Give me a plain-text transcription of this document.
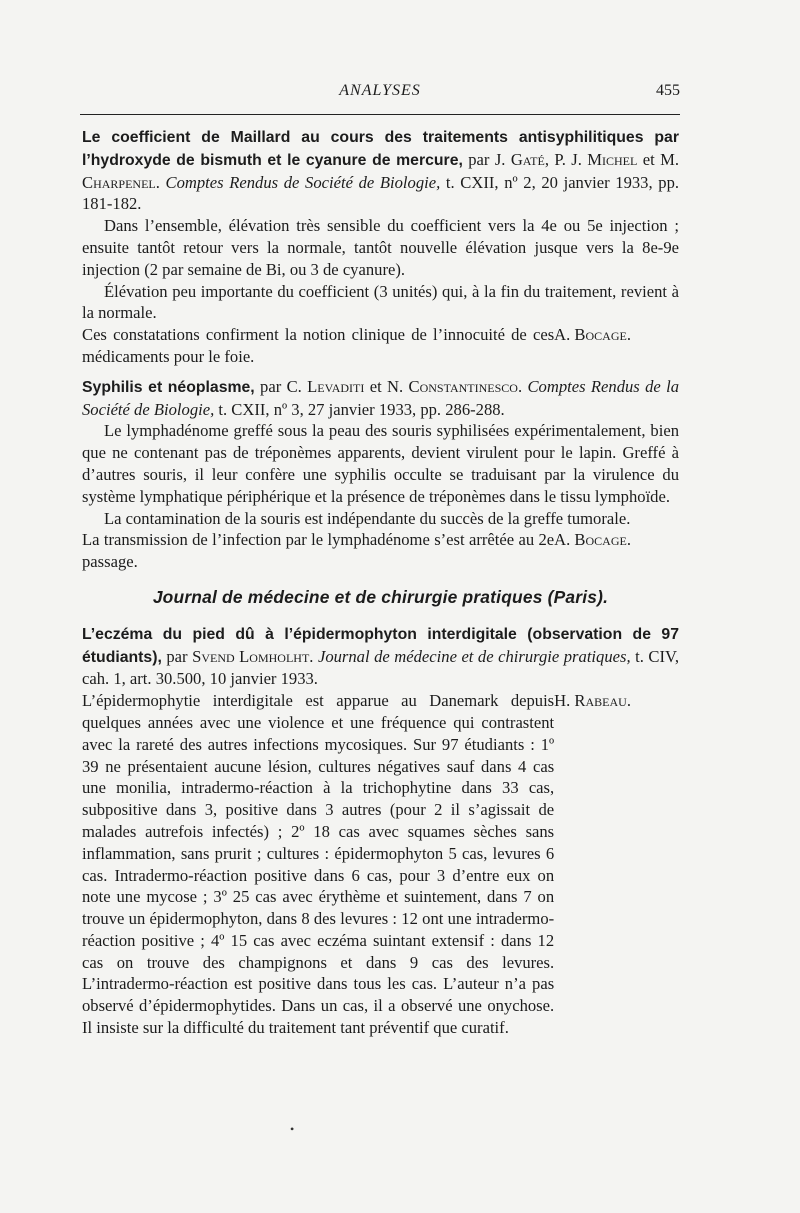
ANALYSES	455

Le coefficient de Maillard au cours des traitements antisyphilitiques par l’hydroxyde de bismuth et le cyanure de mercure, par J. Gaté, P. J. Michel et M. Charpenel. Comptes Rendus de Société de Biologie, t. CXII, nº 2, 20 janvier 1933, pp. 181-182.

Dans l’ensemble, élévation très sensible du coefficient vers la 4e ou 5e injection ; ensuite tantôt retour vers la normale, tantôt nouvelle élévation jusque vers la 8e-9e injection (2 par semaine de Bi, ou 3 de cyanure).

Élévation peu importante du coefficient (3 unités) qui, à la fin du traitement, revient à la normale.

Ces constatations confirment la notion clinique de l’innocuité de ces médicaments pour le foie.
A. Bocage.

Syphilis et néoplasme, par C. Levaditi et N. Constantinesco. Comptes Rendus de la Société de Biologie, t. CXII, nº 3, 27 janvier 1933, pp. 286-288.

Le lymphadénome greffé sous la peau des souris syphilisées expérimentalement, bien que ne contenant pas de tréponèmes apparents, devient virulent pour le lapin. Greffé à d’autres souris, il leur confère une syphilis occulte se traduisant par la virulence du système lymphatique périphérique et la présence de tréponèmes dans le tissu lymphoïde.

La contamination de la souris est indépendante du succès de la greffe tumorale.

La transmission de l’infection par le lymphadénome s’est arrêtée au 2e passage.
A. Bocage.

Journal de médecine et de chirurgie pratiques (Paris).

L’eczéma du pied dû à l’épidermophyton interdigitale (observation de 97 étudiants), par Svend Lomholht. Journal de médecine et de chirurgie pratiques, t. CIV, cah. 1, art. 30.500, 10 janvier 1933.

L’épidermophytie interdigitale est apparue au Danemark depuis quelques années avec une violence et une fréquence qui contrastent avec la rareté des autres infections mycosiques. Sur 97 étudiants : 1º 39 ne présentaient aucune lésion, cultures négatives sauf dans 4 cas une monilia, intradermo-réaction à la trichophytine dans 33 cas, subpositive dans 3, positive dans 3 autres (pour 2 il s’agissait de malades autrefois infectés) ; 2º 18 cas avec squames sèches sans inflammation, sans prurit ; cultures : épidermophyton 5 cas, levures 6 cas. Intradermo-réaction positive dans 6 cas, pour 3 d’entre eux on note une mycose ; 3º 25 cas avec érythème et suintement, dans 7 on trouve un épidermophyton, dans 8 des levures : 12 ont une intradermo-réaction positive ; 4º 15 cas avec eczéma suintant extensif : dans 12 cas on trouve des champignons et dans 9 cas des levures. L’intradermo-réaction est positive dans tous les cas. L’auteur n’a pas observé d’épidermophytides. Dans un cas, il a observé une onychose. Il insiste sur la difficulté du traitement tant préventif que curatif.
H. Rabeau.

•
